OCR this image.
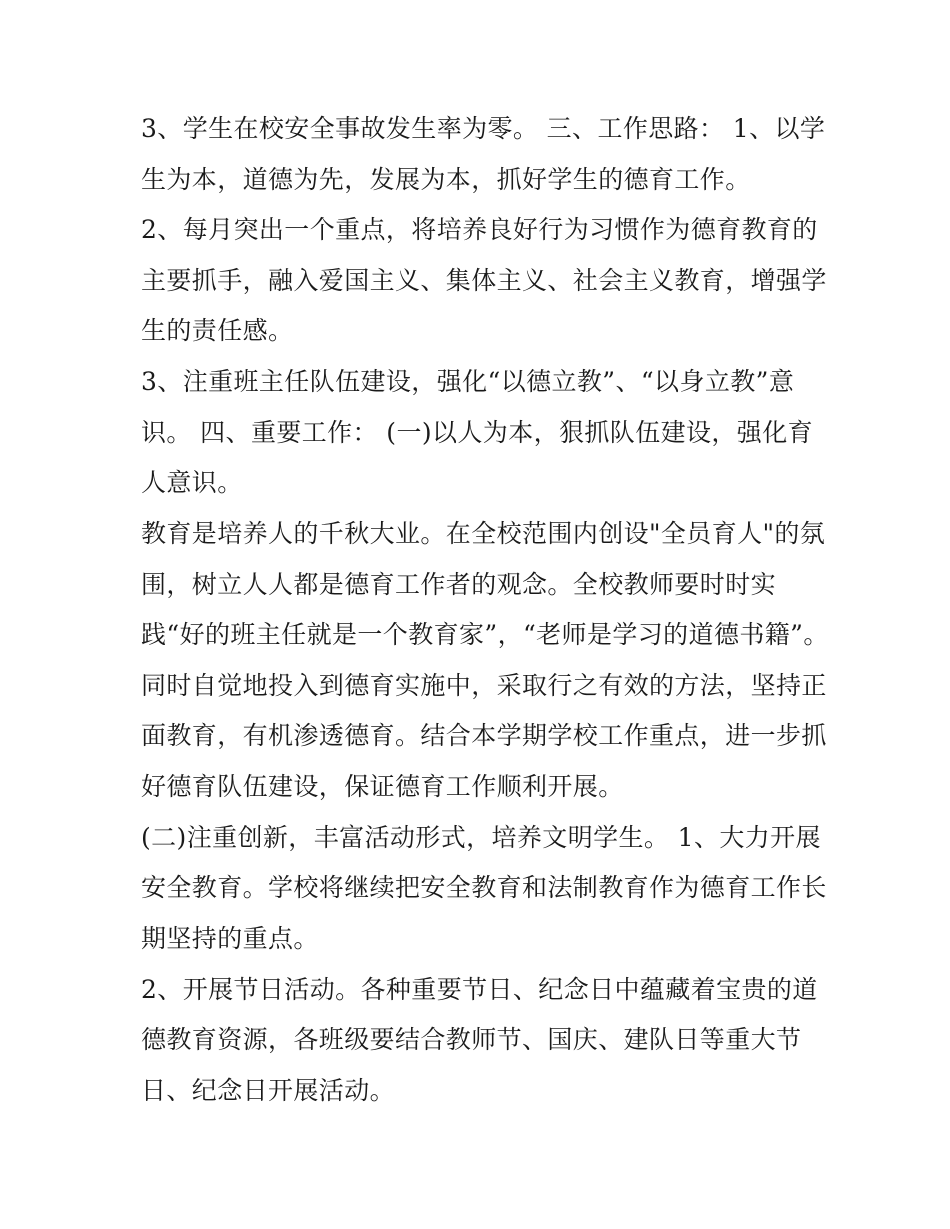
3、学生在校安全事故发生率为零。 三、工作思路： 1、以学
生为本，道德为先，发展为本，抓好学生的德育工作。
2、每月突出一个重点，将培养良好行为习惯作为德育教育的
主要抓手，融入爱国主义、集体主义、社会主义教育，增强学
生的责任感。
3、注重班主任队伍建设，强化“以德立教”、“以身立教”意
识。 四、重要工作： (一)以人为本，狠抓队伍建设，强化育
人意识。
教育是培养人的千秋大业。在全校范围内创设"全员育人"的氛
围，树立人人都是德育工作者的观念。全校教师要时时实
践“好的班主任就是一个教育家”，“老师是学习的道德书籍”。
同时自觉地投入到德育实施中，采取行之有效的方法，坚持正
面教育，有机渗透德育。结合本学期学校工作重点，进一步抓
好德育队伍建设，保证德育工作顺利开展。
(二)注重创新，丰富活动形式，培养文明学生。 1、大力开展
安全教育。学校将继续把安全教育和法制教育作为德育工作长
期坚持的重点。
2、开展节日活动。各种重要节日、纪念日中蕴藏着宝贵的道
德教育资源，各班级要结合教师节、国庆、建队日等重大节
日、纪念日开展活动。
